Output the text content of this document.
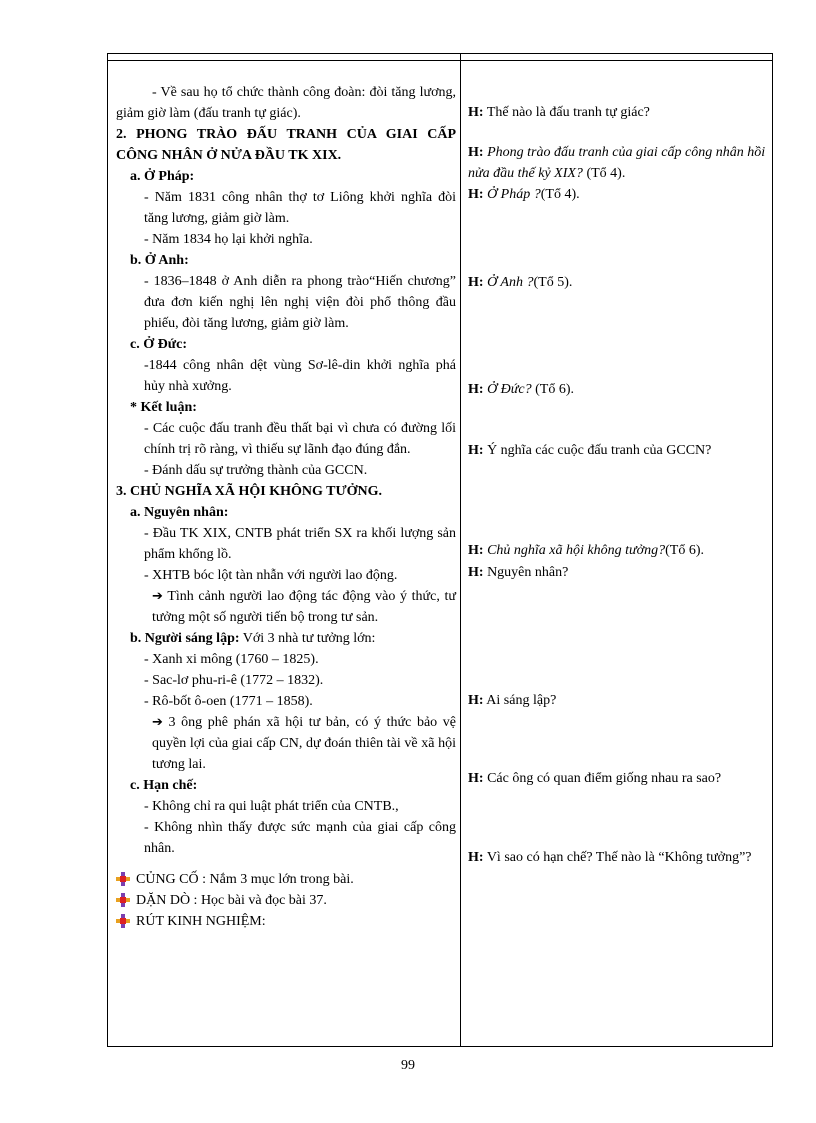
- Về sau họ tổ chức thành công đoàn: đòi tăng lương, giảm giờ làm (đấu tranh tự giác).

2. PHONG TRÀO ĐẤU TRANH CỦA GIAI CẤP CÔNG NHÂN Ở NỬA ĐẦU TK XIX.

a. Ở Pháp:

- Năm 1831 công nhân thợ tơ Liông khởi nghĩa đòi tăng lương, giảm giờ làm.

- Năm 1834 họ lại khởi nghĩa.

b. Ở Anh:

- 1836–1848 ở Anh diễn ra phong trào“Hiến chương” đưa đơn kiến nghị lên nghị viện đòi phổ thông đầu phiếu, đòi tăng lương, giảm giờ làm.

c. Ở Đức:

-1844 công nhân dệt vùng Sơ-lê-din khởi nghĩa phá hủy nhà xưởng.

* Kết luận:

- Các cuộc đấu tranh đều thất bại vì chưa có đường lối chính trị rõ ràng, vì thiếu sự lãnh đạo đúng đắn.

- Đánh dấu sự trưởng thành của GCCN.

3. CHỦ NGHĨA XÃ HỘI KHÔNG TƯỞNG.

a. Nguyên nhân:

- Đầu TK XIX, CNTB phát triển SX ra khối lượng sản phẩm khổng lồ.

- XHTB bóc lột tàn nhẫn với người lao động.

➔ Tình cảnh người lao động tác động vào ý thức, tư tưởng một số người tiến bộ trong tư sản.

b. Người sáng lập: Với 3 nhà tư tưởng lớn:

- Xanh xi mông (1760 – 1825).

- Sac-lơ phu-ri-ê (1772 – 1832).

- Rô-bốt ô-oen (1771 – 1858).

➔ 3 ông phê phán xã hội tư bản, có ý thức bảo vệ quyền lợi của giai cấp CN, dự đoán thiên tài về xã hội tương lai.

c. Hạn chế:

- Không chỉ ra qui luật phát triển của CNTB.,

- Không nhìn thấy được sức mạnh của giai cấp công nhân.

CỦNG CỐ : Nắm 3 mục lớn trong bài.
DẶN DÒ : Học bài và đọc bài 37.
RÚT KINH NGHIỆM:

H: Thế nào là đấu tranh tự giác?

H: Phong trào đấu tranh của giai cấp công nhân hồi nửa đầu thế kỷ XIX? (Tổ 4).

H: Ở Pháp ?(Tổ 4).

H: Ở Anh ?(Tổ 5).

H: Ở Đức? (Tổ 6).

H: Ý nghĩa các cuộc đấu tranh của GCCN?

H: Chủ nghĩa xã hội không tưởng?(Tổ 6).

H: Nguyên nhân?

H: Ai sáng lập?

H: Các ông có quan điểm giống nhau ra sao?

H: Vì sao có hạn chế? Thế nào là “Không tưởng”?

99
